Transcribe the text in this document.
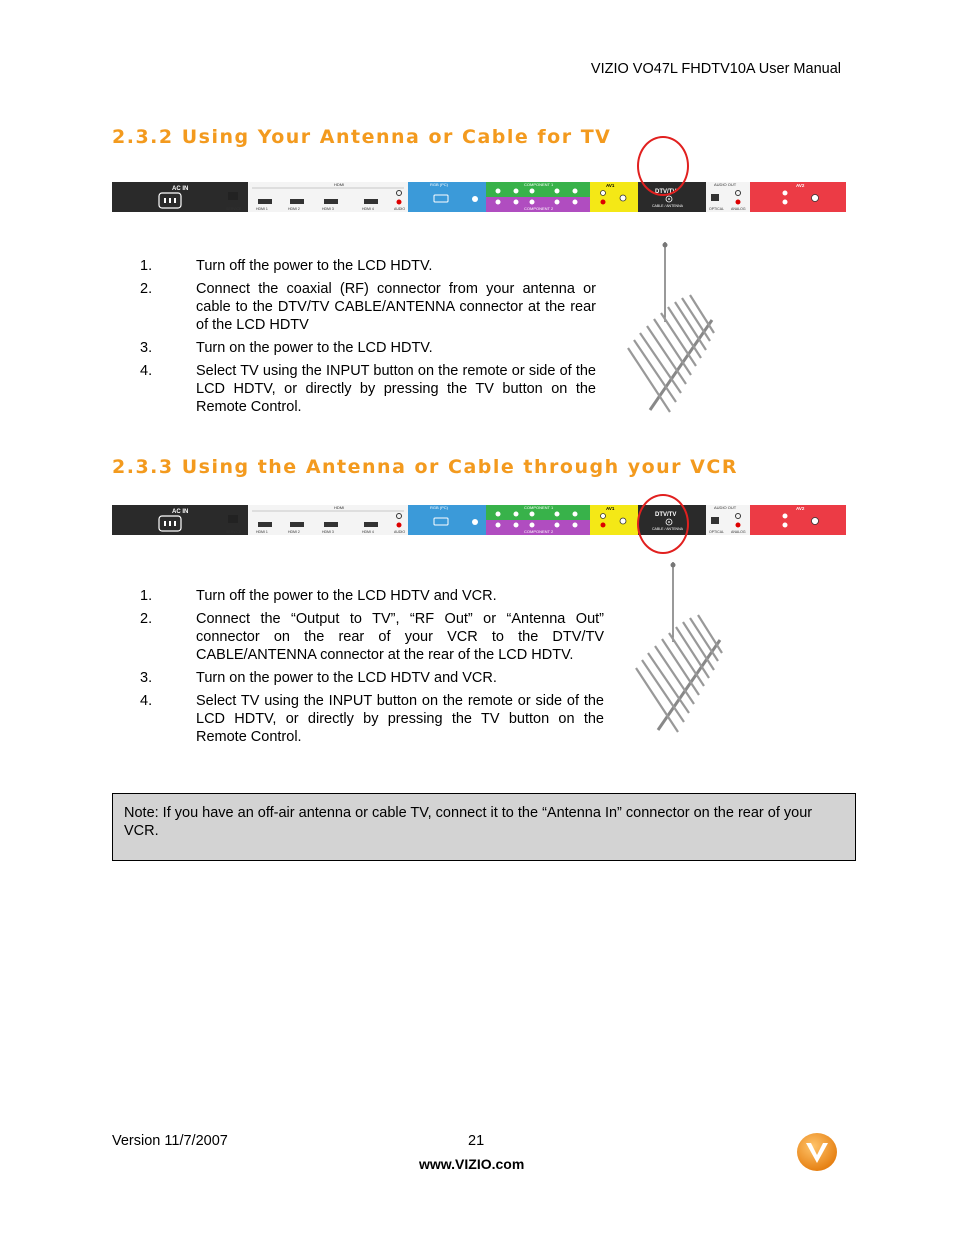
VIZIO VO47L FHDTV10A User Manual
2.3.2 Using Your Antenna or Cable for TV
AC IN
SERVICE
HDMI
HDMI 1	HDMI 2	HDMI 3	HDMI 4	AUDIO
RGB (PC)	COMPONENT 1
COMPONENT 2
AV1
DTV/TV
CABLE / ANTENNA
AUDIO OUT
OPTICAL ANALOG
AV2
1.	Turn off the power to the LCD HDTV.
2.	Connect the coaxial (RF) connector from your antenna or cable to the DTV/TV CABLE/ANTENNA connector at the rear of the LCD HDTV
3.	Turn on the power to the LCD HDTV.
4.	Select TV using the INPUT button on the remote or side of the LCD HDTV, or directly by pressing the TV button on the Remote Control.
2.3.3 Using the Antenna or Cable through your VCR
AC IN
SERVICE
HDMI
HDMI 1	HDMI 2	HDMI 3	HDMI 4	AUDIO
RGB (PC)	COMPONENT 1
COMPONENT 2
AV1
DTV/TV
CABLE / ANTENNA
AUDIO OUT
OPTICAL ANALOG
AV2
1.	Turn off the power to the LCD HDTV and VCR.
2.	Connect the “Output to TV”, “RF Out” or “Antenna Out” connector on the rear of your VCR to the DTV/TV CABLE/ANTENNA connector at the rear of the LCD HDTV.
3.	Turn on the power to the LCD HDTV and VCR.
4.	Select TV using the INPUT button on the remote or side of the LCD HDTV, or directly by pressing the TV button on the Remote Control.
Note: If you have an off-air antenna or cable TV, connect it to the “Antenna In” connector on the rear of your VCR.
Version 11/7/2007	21
www.VIZIO.com
